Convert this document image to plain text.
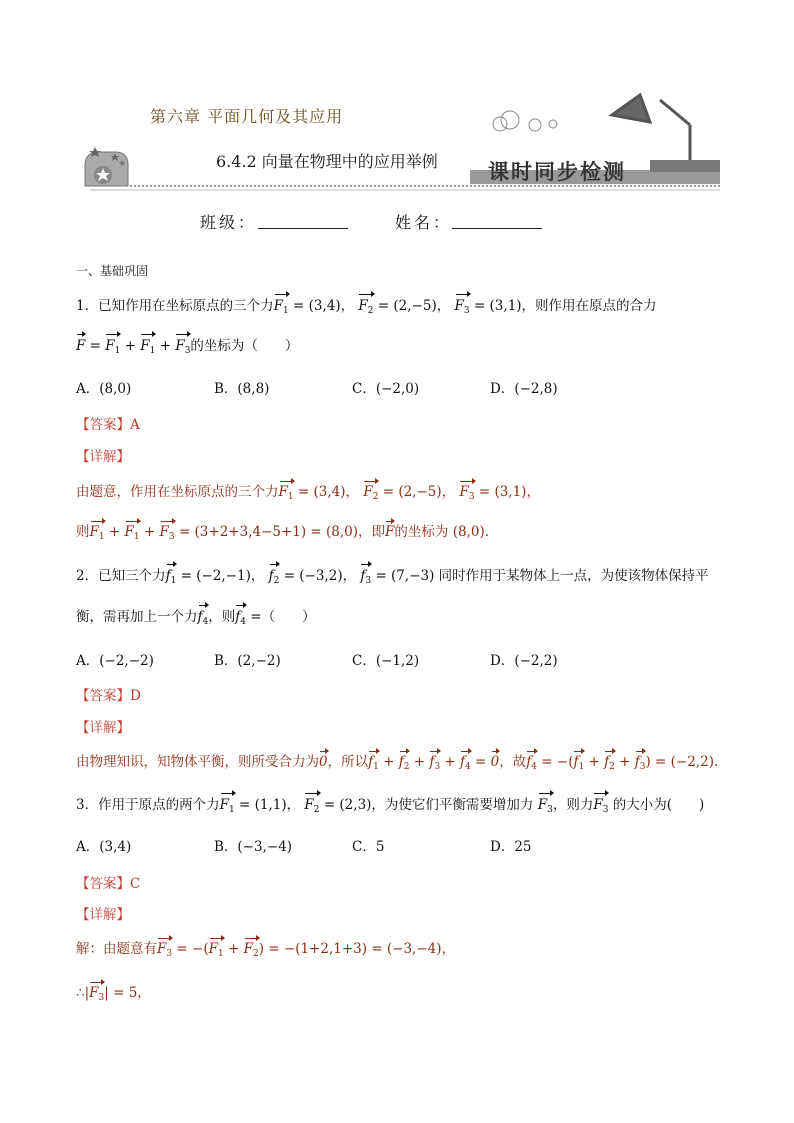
第六章 平面几何及其应用
6.4.2 向量在物理中的应用举例 课时同步检测
班级：	姓名：
一、基础巩固
1．已知作用在坐标原点的三个力$F_1 = (3,4)$， $F_2 = (2,-5)$， $F_3 = (3,1)$，则作用在原点的合力
$F = F_1 + F_1 + F_3$的坐标为（　　）
A．(8,0)	B．(8,8)	C．(−2,0)	D．(−2,8)
【答案】A
【详解】
由题意，作用在坐标原点的三个力$F_1 = (3,4)$， $F_2 = (2,-5)$， $F_3 = (3,1)$，
则$F_1 + F_1 + F_3 = (3+2+3,4-5+1) = (8,0)$，即F的坐标为 (8,0).
2．已知三个力$f_1 = (-2,-1)$， $f_2 = (-3,2)$， $f_3 = (7,-3)$ 同时作用于某物体上一点，为使该物体保持平
衡，需再加上一个力$f_4$，则$f_4$ =（　　）
A．(−2,−2)	B．(2,−2)	C．(−1,2)	D．(−2,2)
【答案】D
【详解】
由物理知识，知物体平衡，则所受合力为0，所以$f_1 + f_2 + f_3 + f_4 = 0$，故$f_4 = -(f_1 + f_2 + f_3) = (-2,2)$.
3．作用于原点的两个力$F_1 = (1,1)$， $F_2 = (2,3)$，为使它们平衡需要增加力 $F_3$，则力$F_3$ 的大小为(　　)
A．(3,4)	B．(−3,−4)	C．5	D．25
【答案】C
【详解】
解：由题意有$F_3 = -(F_1 + F_2) = -(1+2,1+3) = (-3,-4)$，
$\therefore|F_3| = 5$，
